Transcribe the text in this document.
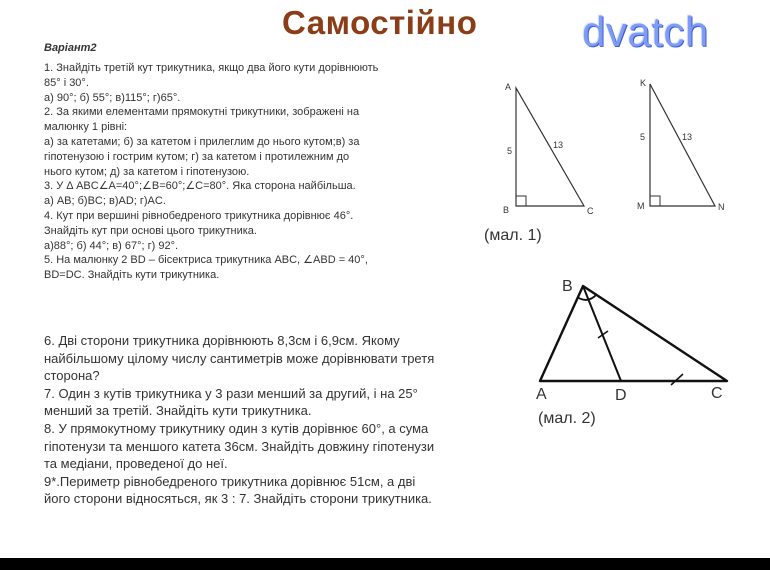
Самостійно dvatch
Варіант2
1. Знайдіть третій кут трикутника, якщо два його кути дорівнюють
85° і 30°.
а) 90°; б) 55°; в)115°; г)65°.
2. За якими елементами прямокутні трикутники, зображені на
малюнку 1 рівні:
а) за катетами; б) за катетом і прилеглим до нього кутом;в) за
гіпотенузою і гострим кутом; г) за катетом і протилежним до
нього кутом; д) за катетом і гіпотенузою.
3. У Δ ABC∠A=40°;∠B=60°;∠C=80°. Яка сторона найбільша.
а) AB; б)BC; в)AD; г)AC.
4. Кут при вершині рівнобедреного трикутника дорівнює 46°.
Знайдіть кут при основі цього трикутника.
а)88°; б) 44°; в) 67°; г) 92°.
5. На малюнку 2 BD – бісектриса трикутника ABC, ∠ABD = 40°,
BD=DC. Знайдіть кути трикутника.
6. Дві сторони трикутника дорівнюють 8,3см і 6,9см. Якому
найбільшому цілому числу сантиметрів може дорівнювати третя
сторона?
7. Один з кутів трикутника у 3 рази менший за другий, і на 25°
менший за третій. Знайдіть кути трикутника.
8. У прямокутному трикутнику один з кутів дорівнює 60°, а сума
гіпотенузи та меншого катета 36см. Знайдіть довжину гіпотенузи
та медіани, проведеної до неї.
9*.Периметр рівнобедреного трикутника дорівнює 51см, а дві
його сторони відносяться, як 3 : 7. Знайдіть сторони трикутника.
A
B	C
5
13
K
M	N
5	13
B
A	D	C
(мал. 1)
(мал. 2)
